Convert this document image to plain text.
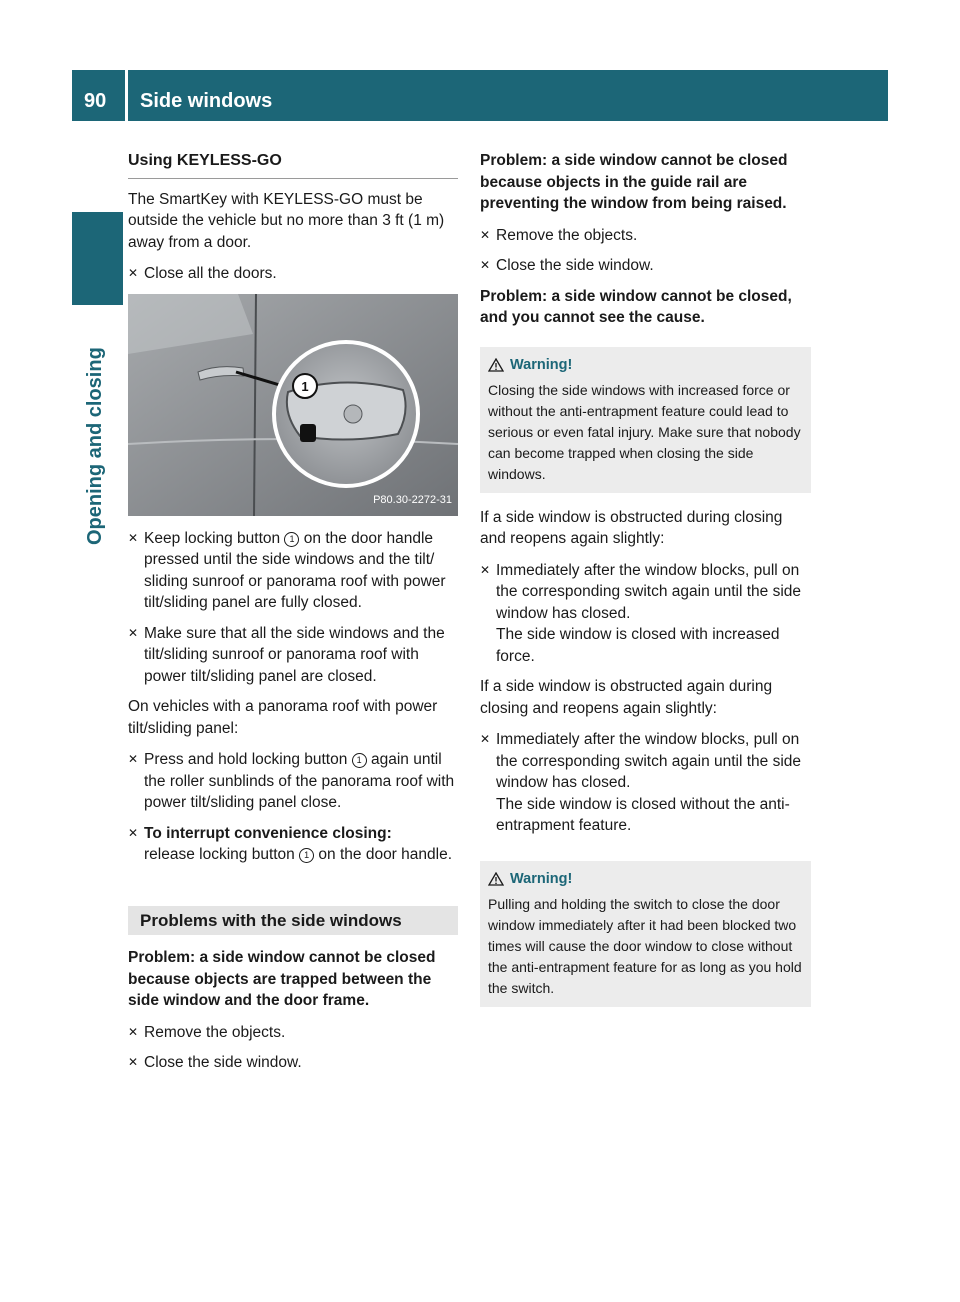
90 Side windows
Opening and closing
Using KEYLESS-GO

The SmartKey with KEYLESS-GO must be outside the vehicle but no more than 3 ft (1 m) away from a door.

✕ Close all the doors.
1
P80.30-2272-31
✕ Keep locking button 1 on the door handle pressed until the side windows and the tilt/ sliding sunroof or panorama roof with power tilt/sliding panel are fully closed.
✕ Make sure that all the side windows and the tilt/sliding sunroof or panorama roof with power tilt/sliding panel are closed.

On vehicles with a panorama roof with power tilt/sliding panel:

✕ Press and hold locking button 1 again until the roller sunblinds of the panorama roof with power tilt/sliding panel close.
✕ To interrupt convenience closing:
release locking button 1 on the door handle.
Problems with the side windows

Problem: a side window cannot be closed because objects are trapped between the side window and the door frame.

✕ Remove the objects.
✕ Close the side window.

Problem: a side window cannot be closed because objects in the guide rail are preventing the window from being raised.

✕ Remove the objects.
✕ Close the side window.

Problem: a side window cannot be closed, and you cannot see the cause.

Warning!
Closing the side windows with increased force or without the anti-entrapment feature could lead to serious or even fatal injury. Make sure that nobody can become trapped when closing the side windows.

If a side window is obstructed during closing and reopens again slightly:

✕ Immediately after the window blocks, pull on the corresponding switch again until the side window has closed.
The side window is closed with increased force.

If a side window is obstructed again during closing and reopens again slightly:

✕ Immediately after the window blocks, pull on the corresponding switch again until the side window has closed.
The side window is closed without the anti-entrapment feature.
Warning!
Pulling and holding the switch to close the door window immediately after it had been blocked two times will cause the door window to close without the anti-entrapment feature for as long as you hold the switch.
